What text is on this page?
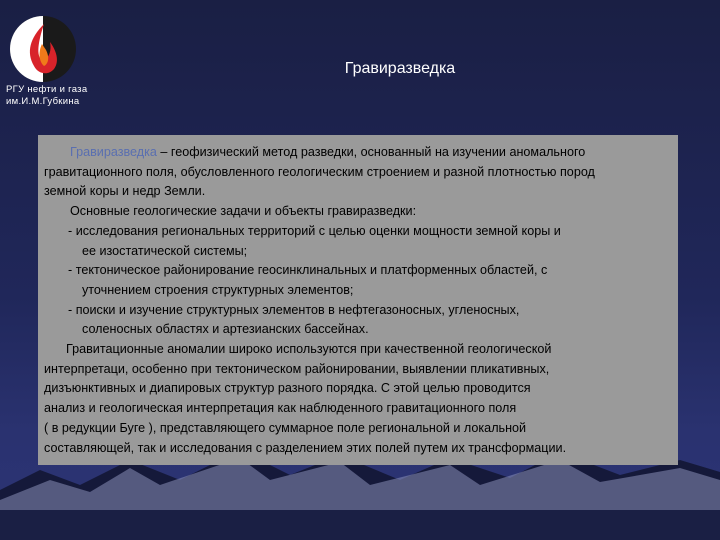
РГУ нефти и газа
им.И.М.Губкина
Гравиразведка

Гравиразведка – геофизический метод разведки, основанный на изучении аномального

гравитационного поля, обусловленного геологическим строением и разной плотностью пород

земной коры и недр Земли.

Основные геологические задачи и объекты гравиразведки:

- исследования региональных территорий с целью оценки мощности земной коры и

ее изостатической системы;

- тектоническое районирование геосинклинальных и платформенных областей, с

уточнением строения структурных элементов;

- поиски и изучение структурных элементов в нефтегазоносных, угленосных,

соленосных областях и артезианских бассейнах.

Гравитационные аномалии широко используются при качественной геологической

интерпретаци, особенно при тектоническом районировании, выявлении пликативных,

дизъюнктивных и диапировых структур разного порядка. С этой целью проводится

анализ и геологическая интерпретация как наблюденного гравитационного поля

( в редукции Буге ), представляющего суммарное поле региональной и локальной

составляющей, так и исследования с разделением этих полей путем их трансформации.
